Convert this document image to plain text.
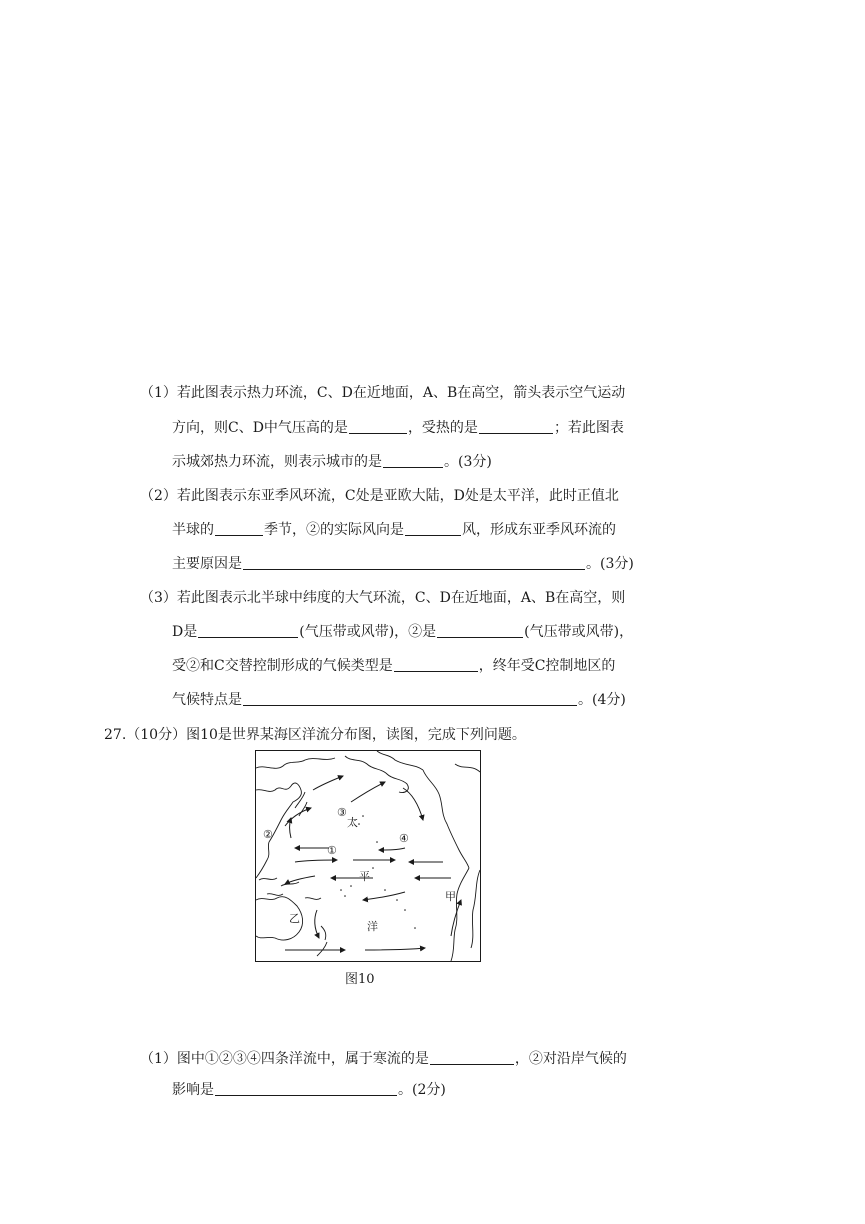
（1）若此图表示热力环流，C、D在近地面，A、B在高空，箭头表示空气运动
方向，则C、D中气压高的是	，受热的是	；若此图表
示城郊热力环流，则表示城市的是	。(3分)
（2）若此图表示东亚季风环流，C处是亚欧大陆，D处是太平洋，此时正值北
半球的	季节，②的实际风向是	风，形成东亚季风环流的
主要原因是	。(3分)
（3）若此图表示北半球中纬度的大气环流，C、D在近地面，A、B在高空，则
D是	(气压带或风带)，②是	(气压带或风带)，
受②和C交替控制形成的气候类型是	，终年受C控制地区的
气候特点是	。(4分)
27.（10分）图10是世界某海区洋流分布图，读图，完成下列问题。
③
②	④
①
太
平
洋
甲
乙
图10
（1）图中①②③④四条洋流中，属于寒流的是	，②对沿岸气候的
影响是	。(2分)
